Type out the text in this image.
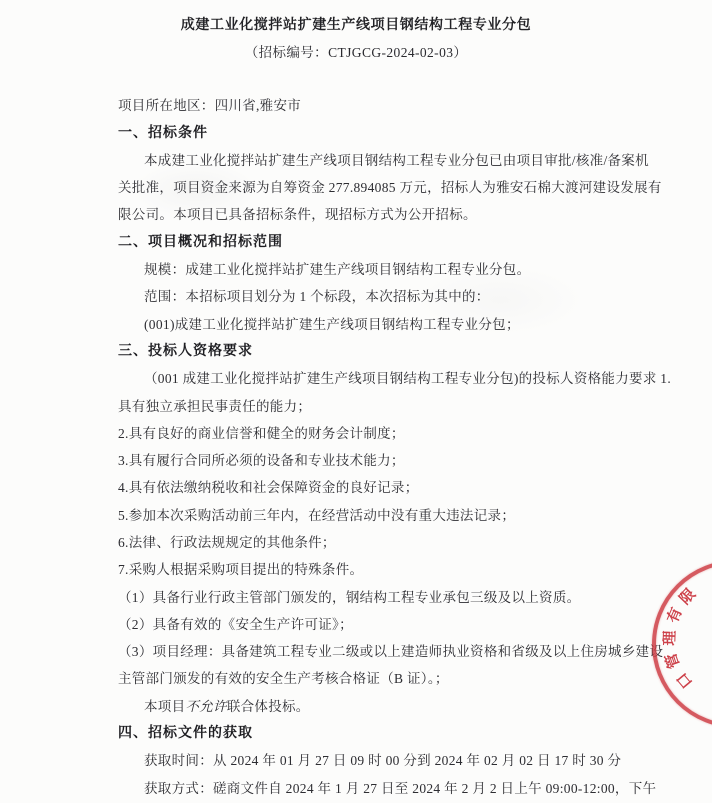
成建工业化搅拌站扩建生产线项目钢结构工程专业分包
（招标编号：CTJGCG-2024-02-03）
项目所在地区：四川省,雅安市
一、招标条件
本成建工业化搅拌站扩建生产线项目钢结构工程专业分包已由项目审批/核准/备案机
关批准，项目资金来源为自筹资金 277.894085 万元，招标人为雅安石棉大渡河建设发展有
限公司。本项目已具备招标条件，现招标方式为公开招标。
二、项目概况和招标范围
规模：成建工业化搅拌站扩建生产线项目钢结构工程专业分包。
范围：本招标项目划分为 1 个标段，本次招标为其中的：
(001)成建工业化搅拌站扩建生产线项目钢结构工程专业分包；
三、投标人资格要求
（001 成建工业化搅拌站扩建生产线项目钢结构工程专业分包)的投标人资格能力要求 1.
具有独立承担民事责任的能力；
2.具有良好的商业信誉和健全的财务会计制度；
3.具有履行合同所必须的设备和专业技术能力；
4.具有依法缴纳税收和社会保障资金的良好记录；
5.参加本次采购活动前三年内，在经营活动中没有重大违法记录；
6.法律、行政法规规定的其他条件；
7.采购人根据采购项目提出的特殊条件。
（1）具备行业行政主管部门颁发的，钢结构工程专业承包三级及以上资质。
（2）具备有效的《安全生产许可证》；
（3）项目经理：具备建筑工程专业二级或以上建造师执业资格和省级及以上住房城乡建设
主管部门颁发的有效的安全生产考核合格证（B 证）。；
本项目 不允许 联合体投标。
四、招标文件的获取
获取时间：从 2024 年 01 月 27 日 09 时 00 分到 2024 年 02 月 02 日 17 时 30 分
获取方式：磋商文件自 2024 年 1 月 27 日至 2024 年 2 月 2 日上午 09:00-12:00，下午
口
管
理
有
限
